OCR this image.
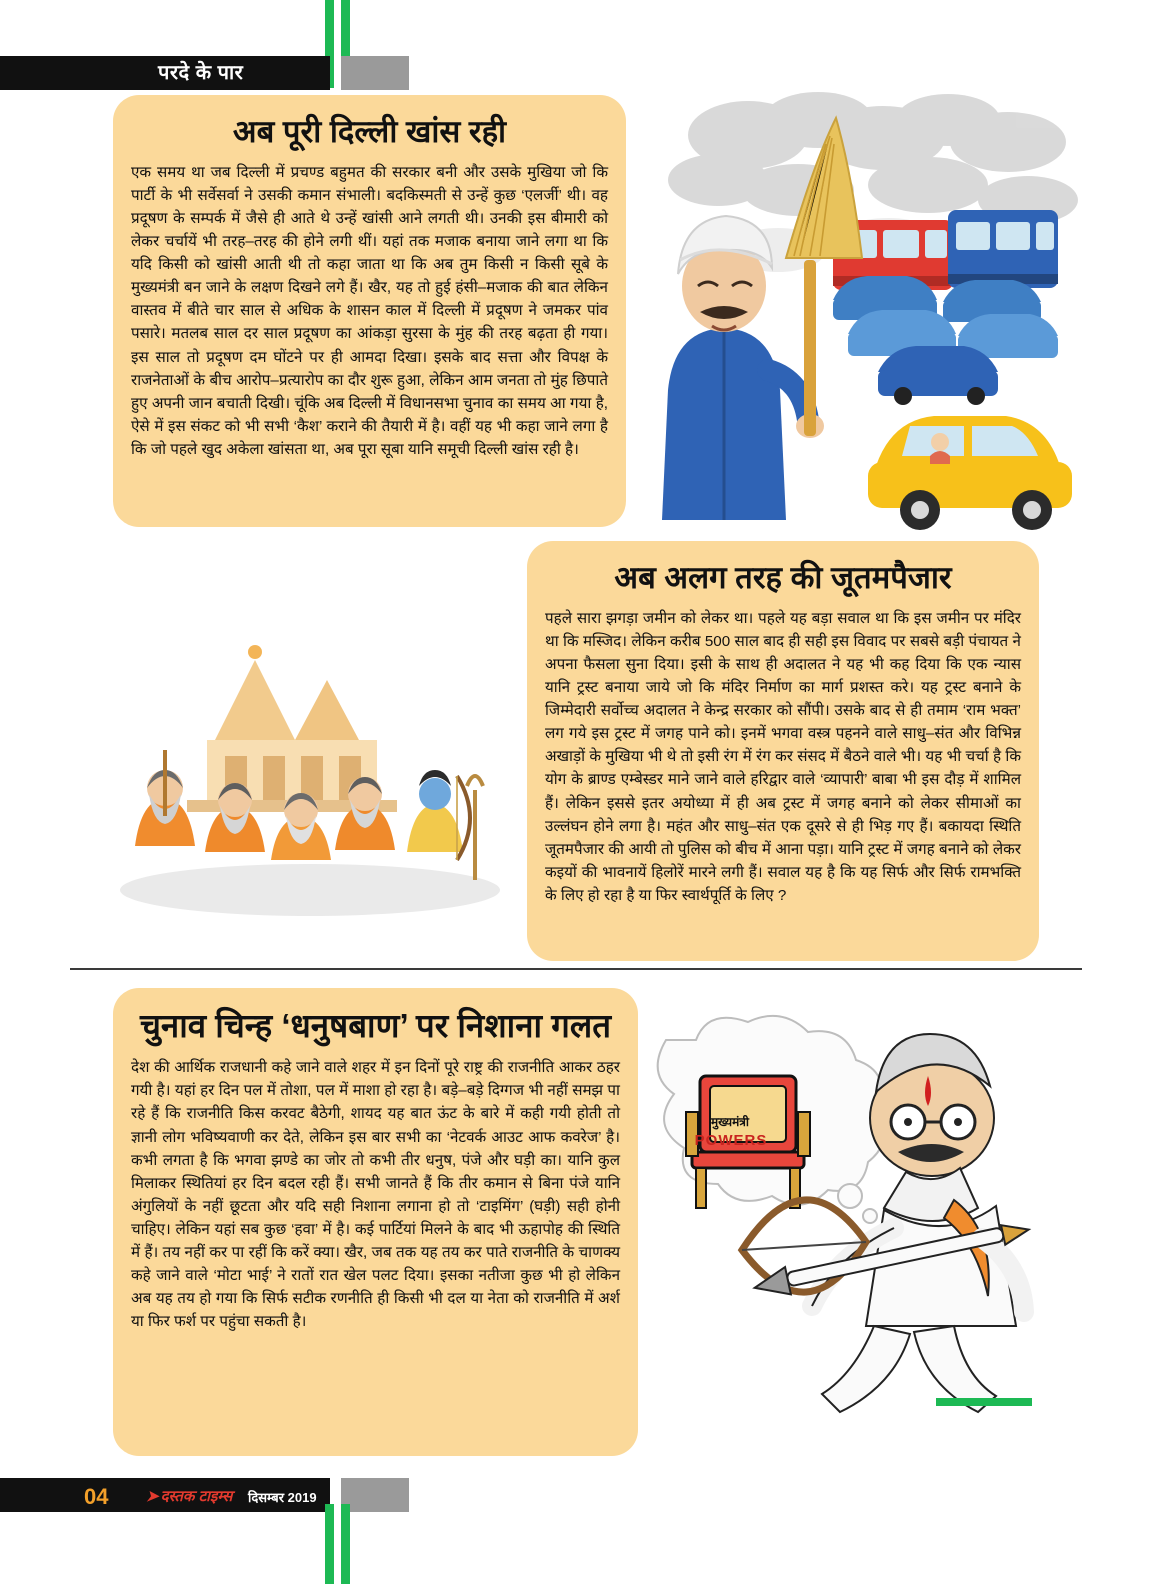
परदे के पार
अब पूरी दिल्ली खांस रही
एक समय था जब दिल्ली में प्रचण्ड बहुमत की सरकार बनी और उसके मुखिया जो कि पार्टी के भी सर्वेसर्वा ने उसकी कमान संभाली। बदकिस्मती से उन्हें कुछ ‘एलर्जी’ थी। वह प्रदूषण के सम्पर्क में जैसे ही आते थे उन्हें खांसी आने लगती थी। उनकी इस बीमारी को लेकर चर्चायें भी तरह–तरह की होने लगी थीं। यहां तक मजाक बनाया जाने लगा था कि यदि किसी को खांसी आती थी तो कहा जाता था कि अब तुम किसी न किसी सूबे के मुख्यमंत्री बन जाने के लक्षण दिखने लगे हैं। खैर, यह तो हुई हंसी–मजाक की बात लेकिन वास्तव में बीते चार साल से अधिक के शासन काल में दिल्ली में प्रदूषण ने जमकर पांव पसारे। मतलब साल दर साल प्रदूषण का आंकड़ा सुरसा के मुंह की तरह बढ़ता ही गया। इस साल तो प्रदूषण दम घोंटने पर ही आमदा दिखा। इसके बाद सत्ता और विपक्ष के राजनेताओं के बीच आरोप–प्रत्यारोप का दौर शुरू हुआ, लेकिन आम जनता तो मुंह छिपाते हुए अपनी जान बचाती दिखी। चूंकि अब दिल्ली में विधानसभा चुनाव का समय आ गया है, ऐसे में इस संकट को भी सभी ‘कैश’ कराने की तैयारी में है। वहीं यह भी कहा जाने लगा है कि जो पहले खुद अकेला खांसता था, अब पूरा सूबा यानि समूची दिल्ली खांस रही है।
अब अलग तरह की जूतमपैजार
पहले सारा झगड़ा जमीन को लेकर था। पहले यह बड़ा सवाल था कि इस जमीन पर मंदिर था कि मस्जिद। लेकिन करीब 500 साल बाद ही सही इस विवाद पर सबसे बड़ी पंचायत ने अपना फैसला सुना दिया। इसी के साथ ही अदालत ने यह भी कह दिया कि एक न्यास यानि ट्रस्ट बनाया जाये जो कि मंदिर निर्माण का मार्ग प्रशस्त करे। यह ट्रस्ट बनाने के जिम्मेदारी सर्वोच्च अदालत ने केन्द्र सरकार को सौंपी। उसके बाद से ही तमाम ‘राम भक्त’ लग गये इस ट्रस्ट में जगह पाने को। इनमें भगवा वस्त्र पहनने वाले साधु–संत और विभिन्न अखाड़ों के मुखिया भी थे तो इसी रंग में रंग कर संसद में बैठने वाले भी। यह भी चर्चा है कि योग के ब्राण्ड एम्बेस्डर माने जाने वाले हरिद्वार वाले ‘व्यापारी’ बाबा भी इस दौड़ में शामिल हैं। लेकिन इससे इतर अयोध्या में ही अब ट्रस्ट में जगह बनाने को लेकर सीमाओं का उल्लंघन होने लगा है। महंत और साधु–संत एक दूसरे से ही भिड़ गए हैं। बकायदा स्थिति जूतमपैजार की आयी तो पुलिस को बीच में आना पड़ा। यानि ट्रस्ट में जगह बनाने को लेकर कइयों की भावनायें हिलोरें मारने लगी हैं। सवाल यह है कि यह सिर्फ और सिर्फ रामभक्ति के लिए हो रहा है या फिर स्वार्थपूर्ति के लिए ?
चुनाव चिन्ह ‘धनुषबाण’ पर निशाना गलत
देश की आर्थिक राजधानी कहे जाने वाले शहर में इन दिनों पूरे राष्ट्र की राजनीति आकर ठहर गयी है। यहां हर दिन पल में तोशा, पल में माशा हो रहा है। बड़े–बड़े दिग्गज भी नहीं समझ पा रहे हैं कि राजनीति किस करवट बैठेगी, शायद यह बात ऊंट के बारे में कही गयी होती तो ज्ञानी लोग भविष्यवाणी कर देते, लेकिन इस बार सभी का ‘नेटवर्क आउट आफ कवरेज’ है। कभी लगता है कि भगवा झण्डे का जोर तो कभी तीर धनुष, पंजे और घड़ी का। यानि कुल मिलाकर स्थितियां हर दिन बदल रही हैं। सभी जानते हैं कि तीर कमान से बिना पंजे यानि अंगुलियों के नहीं छूटता और यदि सही निशाना लगाना हो तो ‘टाइमिंग’ (घड़ी) सही होनी चाहिए। लेकिन यहां सब कुछ ‘हवा’ में है। कई पार्टियां मिलने के बाद भी ऊहापोह की स्थिति में हैं। तय नहीं कर पा रहीं कि करें क्या। खैर, जब तक यह तय कर पाते राजनीति के चाणक्य कहे जाने वाले ‘मोटा भाई’ ने रातों रात खेल पलट दिया। इसका नतीजा कुछ भी हो लेकिन अब यह तय हो गया कि सिर्फ सटीक रणनीति ही किसी भी दल या नेता को राजनीति में अर्श या फिर फर्श पर पहुंचा सकती है।
मुख्यमंत्री
POWERS
04	➤ दस्तक टाइम्स दिसम्बर 2019
